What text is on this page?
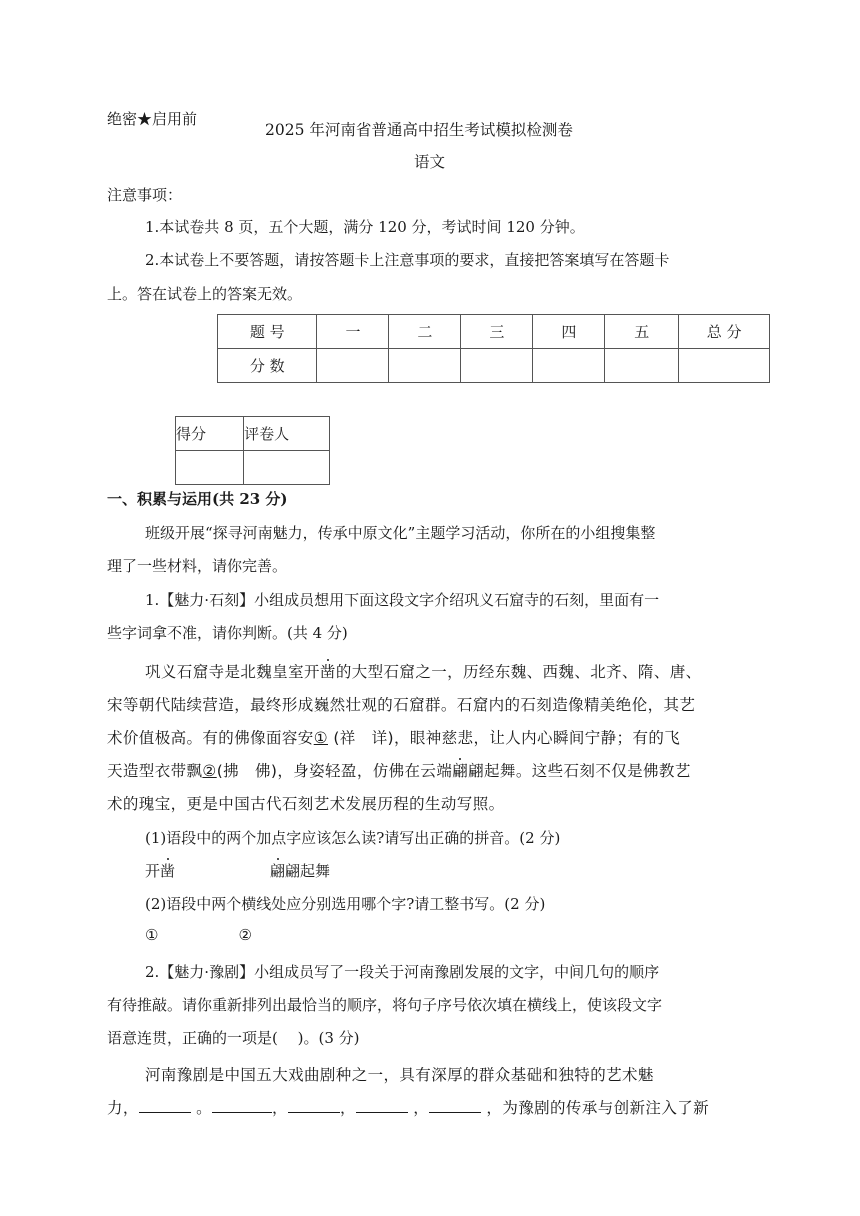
绝密★启用前
2025 年河南省普通高中招生考试模拟检测卷
语文
注意事项：
1.本试卷共 8 页，五个大题，满分 120 分，考试时间 120 分钟。
2.本试卷上不要答题，请按答题卡上注意事项的要求，直接把答案填写在答题卡
上。答在试卷上的答案无效。
题 号	一	二	三	四	五	总 分
分 数						
得分	评卷人

一、积累与运用(共 23 分)
班级开展“探寻河南魅力，传承中原文化”主题学习活动，你所在的小组搜集整
理了一些材料，请你完善。
1.【魅力·石刻】小组成员想用下面这段文字介绍巩义石窟寺的石刻，里面有一
些字词拿不准，请你判断。(共 4 分)
巩义石窟寺是北魏皇室开凿的大型石窟之一，历经东魏、西魏、北齐、隋、唐、
宋等朝代陆续营造，最终形成巍然壮观的石窟群。石窟内的石刻造像精美绝伦，其艺
术价值极高。有的佛像面容安① (祥　详)，眼神慈悲，让人内心瞬间宁静；有的飞
天造型衣带飘②(拂　佛)，身姿轻盈，仿佛在云端翩翩起舞。这些石刻不仅是佛教艺
术的瑰宝，更是中国古代石刻艺术发展历程的生动写照。
(1)语段中的两个加点字应该怎么读?请写出正确的拼音。(2 分)
开凿	翩翩起舞
(2)语段中两个横线处应分别选用哪个字?请工整书写。(2 分)
①	②
2.【魅力·豫剧】小组成员写了一段关于河南豫剧发展的文字，中间几句的顺序
有待推敲。请你重新排列出最恰当的顺序，将句子序号依次填在横线上，使该段文字
语意连贯，正确的一项是(　 )。(3 分)
河南豫剧是中国五大戏曲剧种之一，具有深厚的群众基础和独特的艺术魅
力，	。	，	，	，	，为豫剧的传承与创新注入了新
